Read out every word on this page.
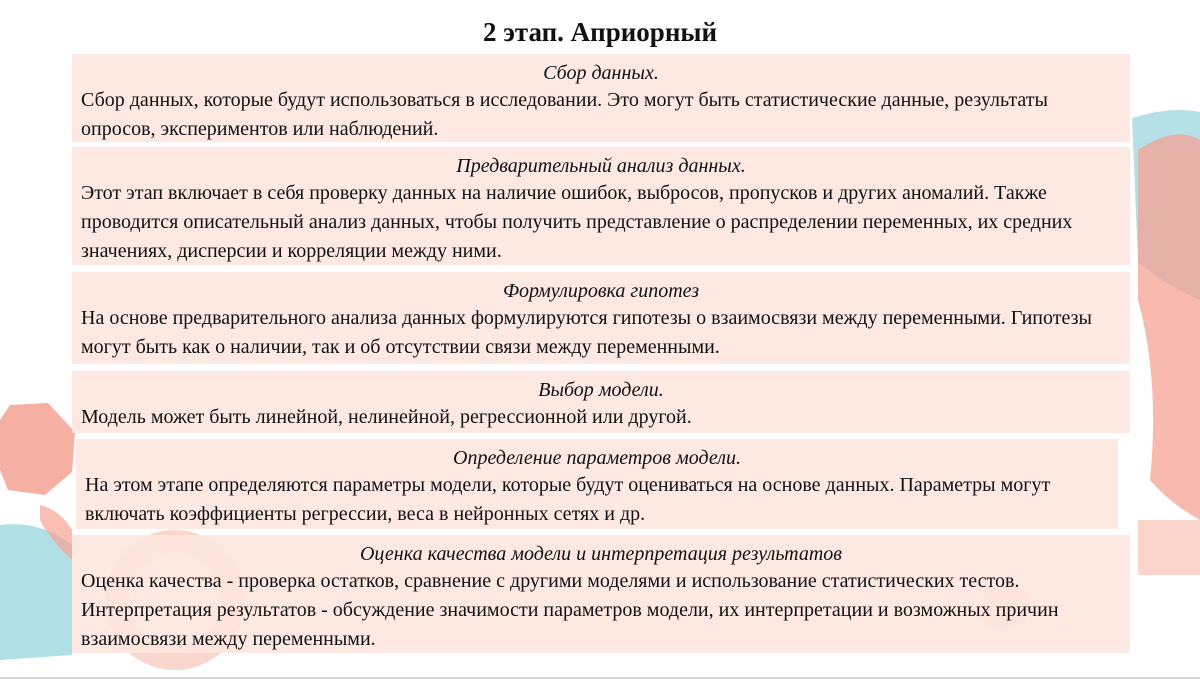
2 этап. Априорный

Сбор данных.

Сбор данных, которые будут использоваться в исследовании. Это могут быть статистические данные, результаты опросов, экспериментов или наблюдений.

Предварительный анализ данных.

Этот этап включает в себя проверку данных на наличие ошибок, выбросов, пропусков и других аномалий. Также проводится описательный анализ данных, чтобы получить представление о распределении переменных, их средних значениях, дисперсии и корреляции между ними.

Формулировка гипотез

На основе предварительного анализа данных формулируются гипотезы о взаимосвязи между переменными. Гипотезы могут быть как о наличии, так и об отсутствии связи между переменными.

Выбор модели.

Модель может быть линейной, нелинейной, регрессионной или другой.

Определение параметров модели.

На этом этапе определяются параметры модели, которые будут оцениваться на основе данных. Параметры могут включать коэффициенты регрессии, веса в нейронных сетях и др.

Оценка качества модели и интерпретация результатов

Оценка качества - проверка остатков, сравнение с другими моделями и использование статистических тестов. Интерпретация результатов - обсуждение значимости параметров модели, их интерпретации и возможных причин взаимосвязи между переменными.
